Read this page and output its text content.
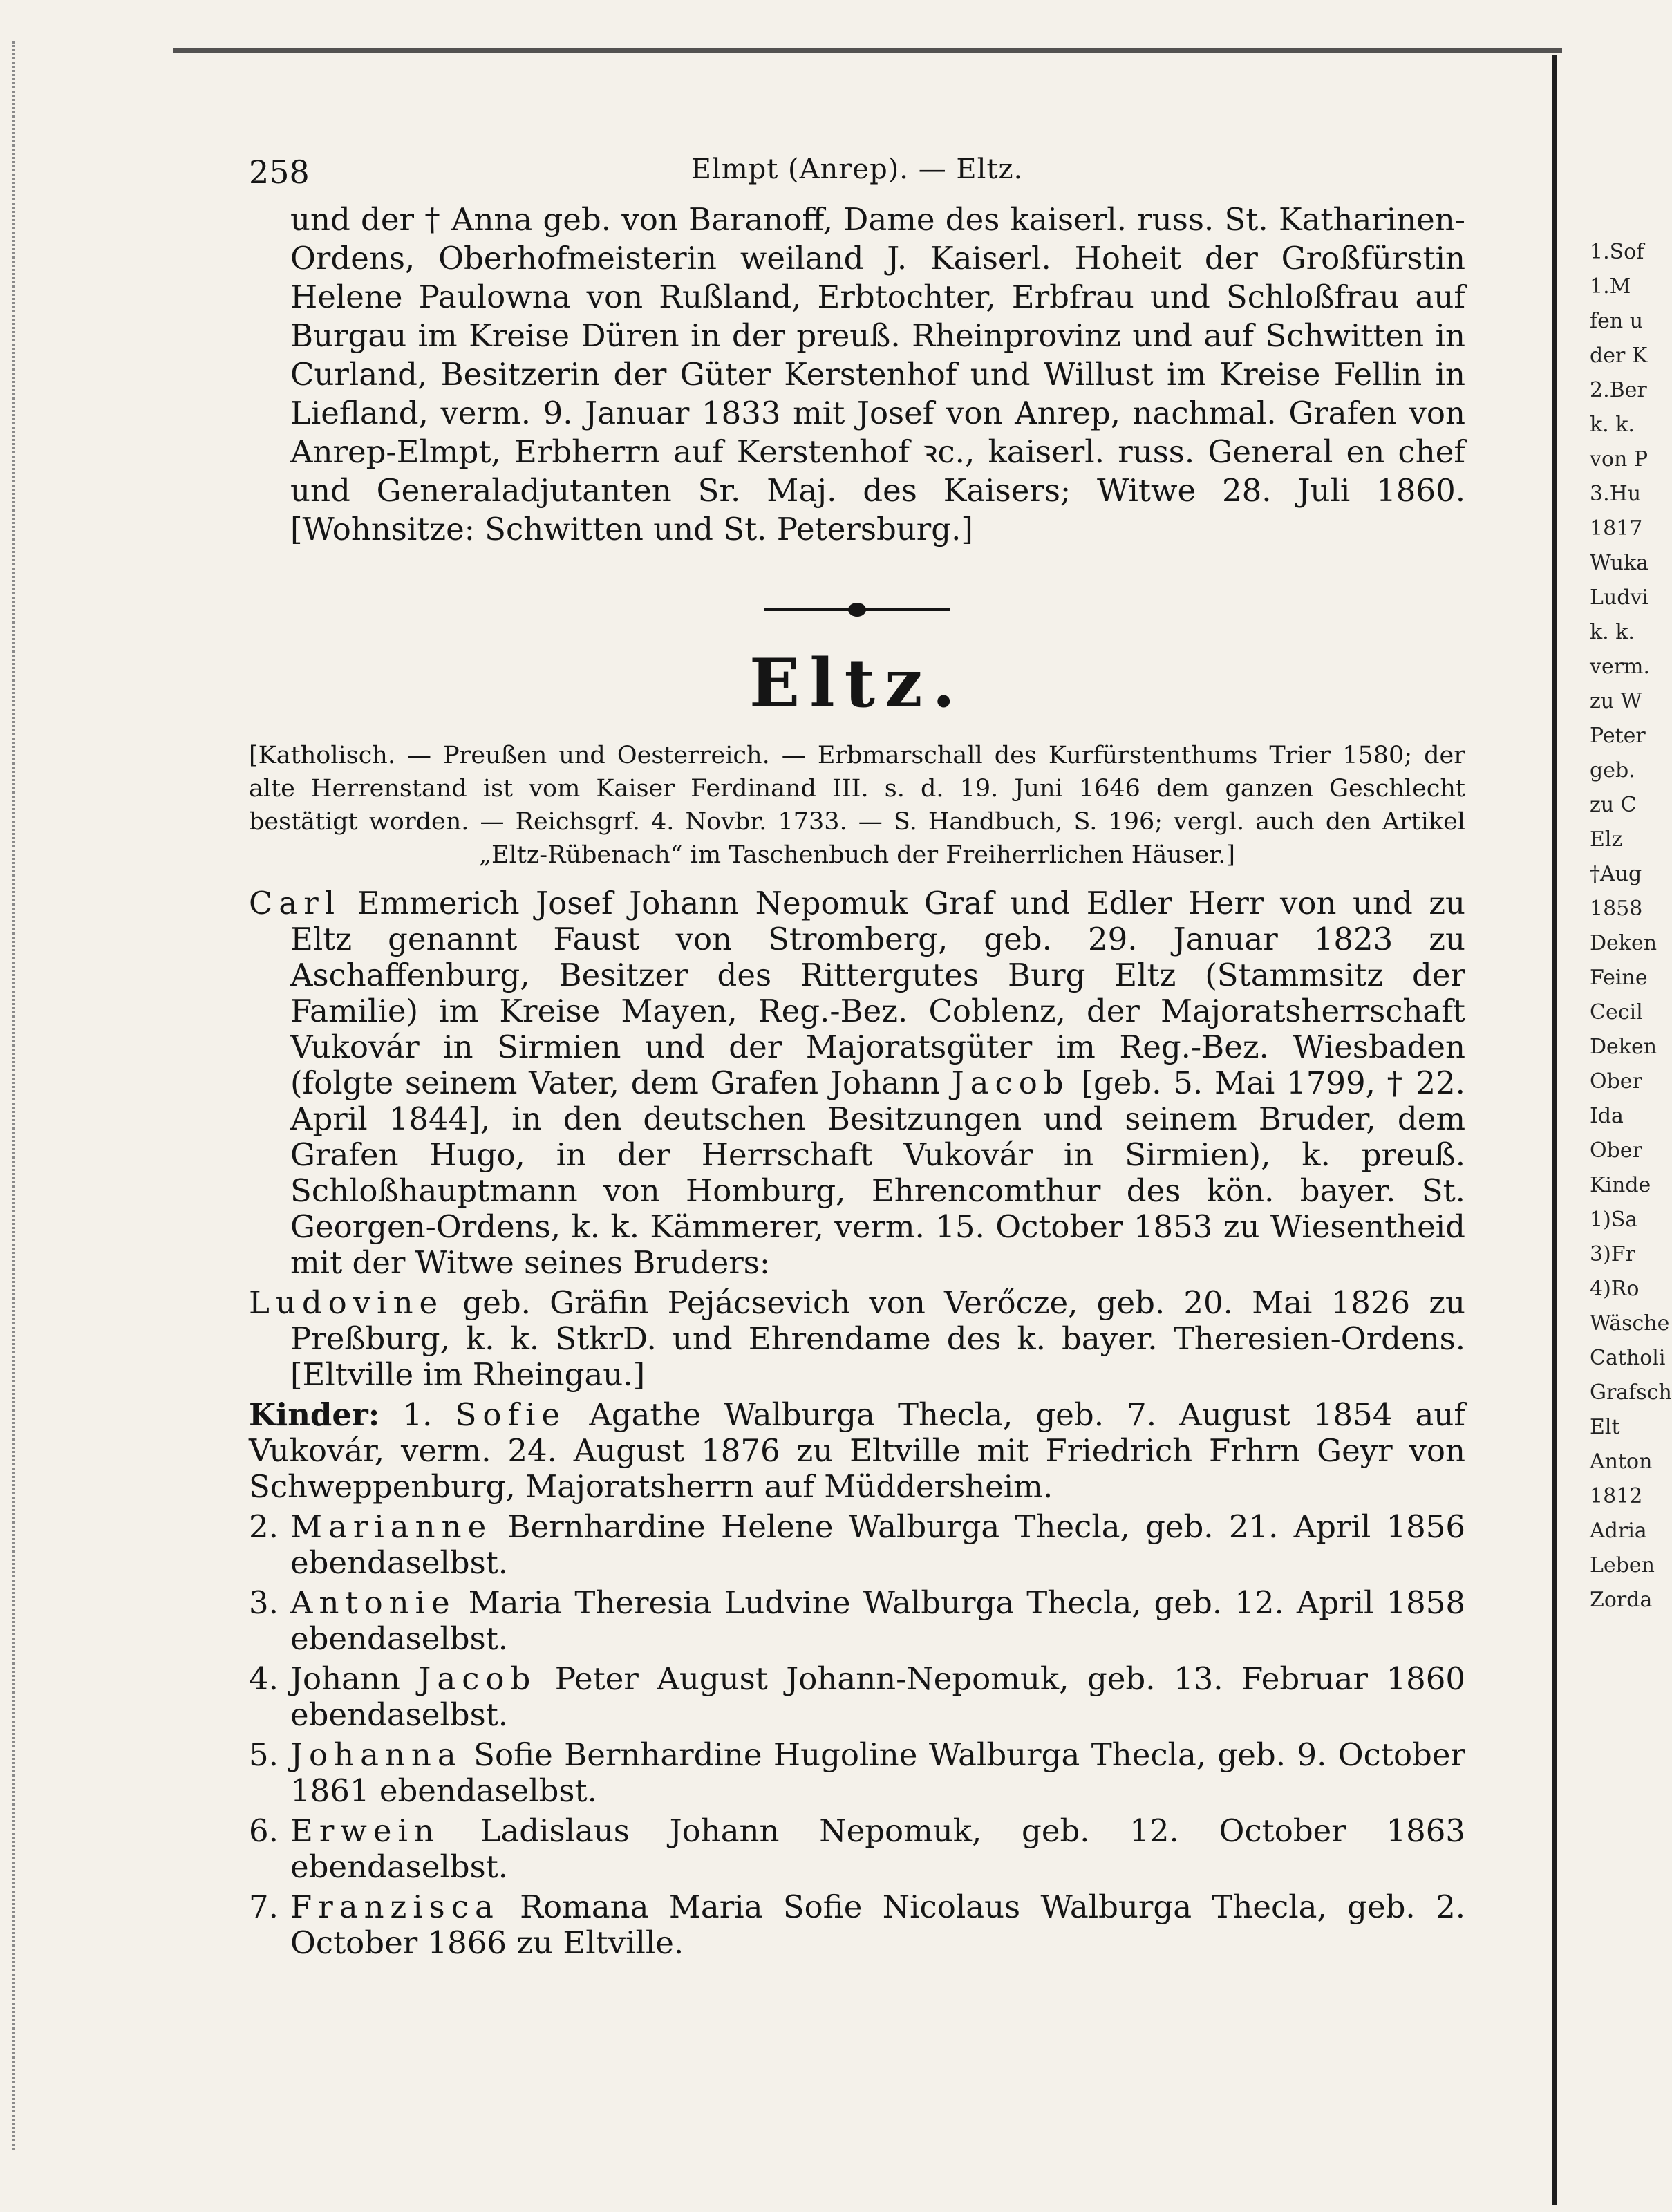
1.Sof
1.M
fen u
der K
2.Ber
k. k.
von P
3.Hu
1817
Wuka
Ludvi
k. k.
verm.
zu W
Peter
geb.
zu C
Elz
†Aug
1858
Deken
Feine
Cecil
Deken
Ober
Ida
Ober
Kinde
1)Sa
3)Fr
4)Ro
Wäsche
Catholi
Grafsch
Elt
Anton
1812
Adria
Leben
Zorda
258	Elmpt (Anrep). — Eltz.

und der † Anna geb. von Baranoff, Dame des kaiserl. russ. St. Katharinen-Ordens, Oberhofmeisterin weiland J. Kaiserl. Hoheit der Großfürstin Helene Paulowna von Rußland, Erbtochter, Erbfrau und Schloßfrau auf Burgau im Kreise Düren in der preuß. Rheinprovinz und auf Schwitten in Curland, Besitzerin der Güter Kerstenhof und Willust im Kreise Fellin in Liefland, verm. 9. Januar 1833 mit Josef von Anrep, nachmal. Grafen von Anrep-Elmpt, Erbherrn auf Kerstenhof ꝛc., kaiserl. russ. General en chef und Generaladjutanten Sr. Maj. des Kaisers; Witwe 28. Juli 1860. [Wohnsitze: Schwitten und St. Petersburg.]

Eltz.

[Katholisch. — Preußen und Oesterreich. — Erbmarschall des Kurfürstenthums Trier 1580; der alte Herrenstand ist vom Kaiser Ferdinand III. s. d. 19. Juni 1646 dem ganzen Geschlecht bestätigt worden. — Reichsgrf. 4. Novbr. 1733. — S. Handbuch, S. 196; vergl. auch den Artikel „Eltz-Rübenach“ im Taschenbuch der Freiherrlichen Häuser.]

Carl Emmerich Josef Johann Nepomuk Graf und Edler Herr von und zu Eltz genannt Faust von Stromberg, geb. 29. Januar 1823 zu Aschaffenburg, Besitzer des Rittergutes Burg Eltz (Stammsitz der Familie) im Kreise Mayen, Reg.-Bez. Coblenz, der Majoratsherrschaft Vukovár in Sirmien und der Majoratsgüter im Reg.-Bez. Wiesbaden (folgte seinem Vater, dem Grafen Johann Jacob [geb. 5. Mai 1799, † 22. April 1844], in den deutschen Besitzungen und seinem Bruder, dem Grafen Hugo, in der Herrschaft Vukovár in Sirmien), k. preuß. Schloßhauptmann von Homburg, Ehrencomthur des kön. bayer. St. Georgen-Ordens, k. k. Kämmerer, verm. 15. October 1853 zu Wiesentheid mit der Witwe seines Bruders:

Ludovine geb. Gräfin Pejácsevich von Verőcze, geb. 20. Mai 1826 zu Preßburg, k. k. StkrD. und Ehrendame des k. bayer. Theresien-Ordens. [Eltville im Rheingau.]

Kinder: 1. Sofie Agathe Walburga Thecla, geb. 7. August 1854 auf Vukovár, verm. 24. August 1876 zu Eltville mit Friedrich Frhrn Geyr von Schweppenburg, Majoratsherrn auf Müddersheim.
2. Marianne Bernhardine Helene Walburga Thecla, geb. 21. April 1856 ebendaselbst.
3. Antonie Maria Theresia Ludvine Walburga Thecla, geb. 12. April 1858 ebendaselbst.
4. Johann Jacob Peter August Johann-Nepomuk, geb. 13. Februar 1860 ebendaselbst.
5. Johanna Sofie Bernhardine Hugoline Walburga Thecla, geb. 9. October 1861 ebendaselbst.
6. Erwein Ladislaus Johann Nepomuk, geb. 12. October 1863 ebendaselbst.
7. Franzisca Romana Maria Sofie Nicolaus Walburga Thecla, geb. 2. October 1866 zu Eltville.
